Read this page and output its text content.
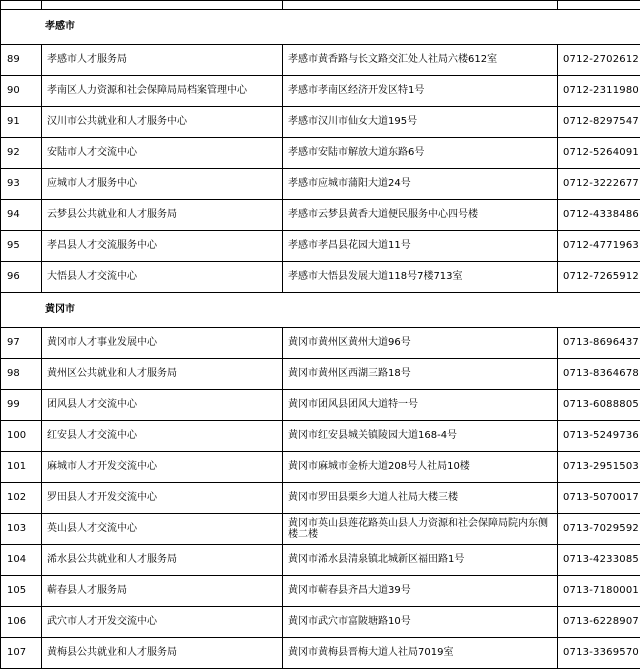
孝感市		
89	孝感市人才服务局	孝感市黄香路与长文路交汇处人社局六楼612室	0712-2702612
90	孝南区人力资源和社会保障局局档案管理中心	孝感市孝南区经济开发区特1号	0712-2311980
91	汉川市公共就业和人才服务中心	孝感市汉川市仙女大道195号	0712-8297547
92	安陆市人才交流中心	孝感市安陆市解放大道东路6号	0712-5264091
93	应城市人才服务中心	孝感市应城市蒲阳大道24号	0712-3222677
94	云梦县公共就业和人才服务局	孝感市云梦县黄香大道便民服务中心四号楼	0712-4338486
95	孝昌县人才交流服务中心	孝感市孝昌县花园大道11号	0712-4771963
96	大悟县人才交流中心	孝感市大悟县发展大道118号7楼713室	0712-7265912
黄冈市		
97	黄冈市人才事业发展中心	黄冈市黄州区黄州大道96号	0713-8696437
98	黄州区公共就业和人才服务局	黄冈市黄州区西湖三路18号	0713-8364678
99	团风县人才交流中心	黄冈市团风县团风大道特一号	0713-6088805
100	红安县人才交流中心	黄冈市红安县城关镇陵园大道168-4号	0713-5249736
101	麻城市人才开发交流中心	黄冈市麻城市金桥大道208号人社局10楼	0713-2951503
102	罗田县人才开发交流中心	黄冈市罗田县栗乡大道人社局大楼三楼	0713-5070017
103	英山县人才交流中心	黄冈市英山县莲花路英山县人力资源和社会保障局院内东侧楼二楼	0713-7029592
104	浠水县公共就业和人才服务局	黄冈市浠水县清泉镇北城新区福田路1号	0713-4233085
105	蕲春县人才服务局	黄冈市蕲春县齐昌大道39号	0713-7180001
106	武穴市人才开发交流中心	黄冈市武穴市富陂塘路10号	0713-6228907
107	黄梅县公共就业和人才服务局	黄冈市黄梅县晋梅大道人社局7019室	0713-3369570
